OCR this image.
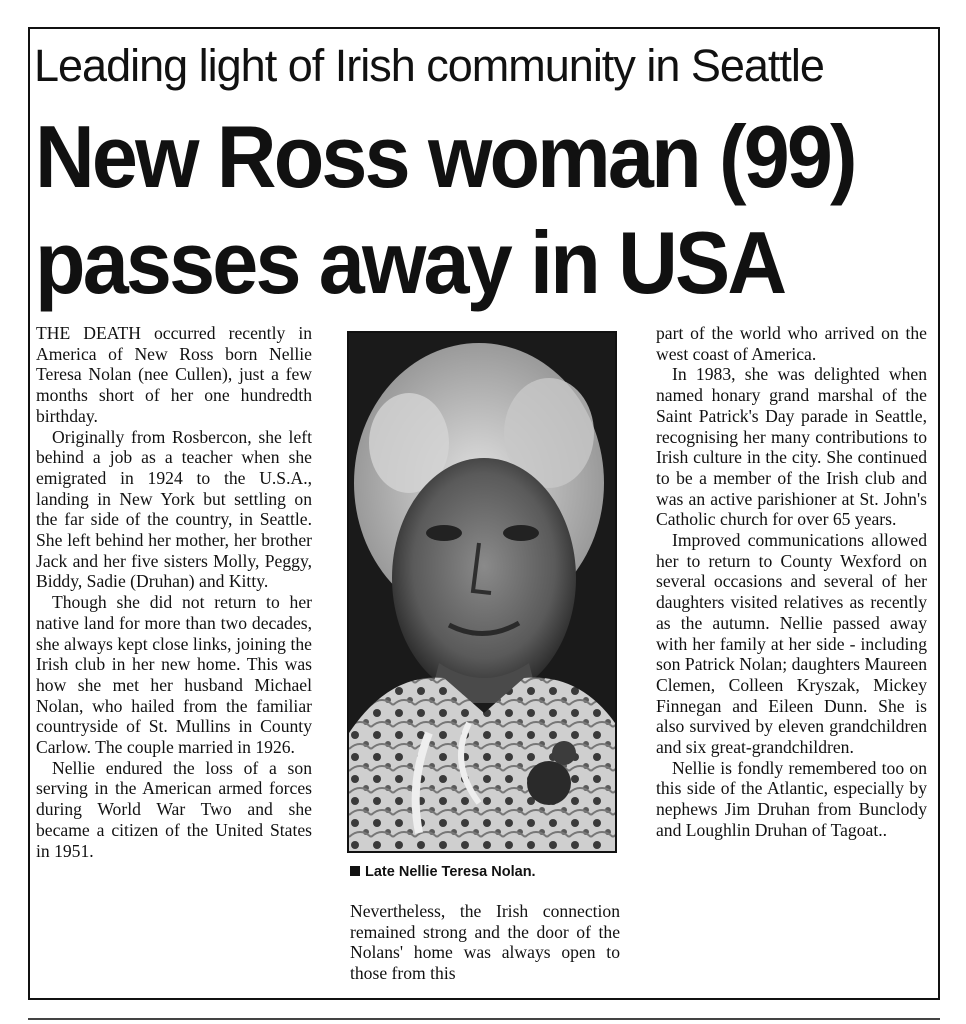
Leading light of Irish community in Seattle
New Ross woman (99)
passes away in USA

THE DEATH occurred recently in America of New Ross born Nellie Teresa Nolan (nee Cullen), just a few months short of her one hundredth birthday.

Originally from Rosbercon, she left behind a job as a teacher when she emigrated in 1924 to the U.S.A., landing in New York but settling on the far side of the country, in Seattle. She left behind her mother, her brother Jack and her five sisters Molly, Peggy, Biddy, Sadie (Druhan) and Kitty.

Though she did not return to her native land for more than two decades, she always kept close links, joining the Irish club in her new home. This was how she met her husband Michael Nolan, who hailed from the familiar countryside of St. Mullins in County Carlow. The couple married in 1926.

Nellie endured the loss of a son serving in the American armed forces during World War Two and she became a citizen of the United States in 1951.

Late Nellie Teresa Nolan.

Nevertheless, the Irish connection remained strong and the door of the Nolans' home was always open to those from this

part of the world who arrived on the west coast of America.

In 1983, she was delighted when named honary grand marshal of the Saint Patrick's Day parade in Seattle, recognising her many contributions to Irish culture in the city. She continued to be a member of the Irish club and was an active parishioner at St. John's Catholic church for over 65 years.

Improved communications allowed her to return to County Wexford on several occasions and several of her daughters visited relatives as recently as the autumn. Nellie passed away with her family at her side - including son Patrick Nolan; daughters Maureen Clemen, Colleen Kryszak, Mickey Finnegan and Eileen Dunn. She is also survived by eleven grandchildren and six great-grandchildren.

Nellie is fondly remembered too on this side of the Atlantic, especially by nephews Jim Druhan from Bunclody and Loughlin Druhan of Tagoat..
